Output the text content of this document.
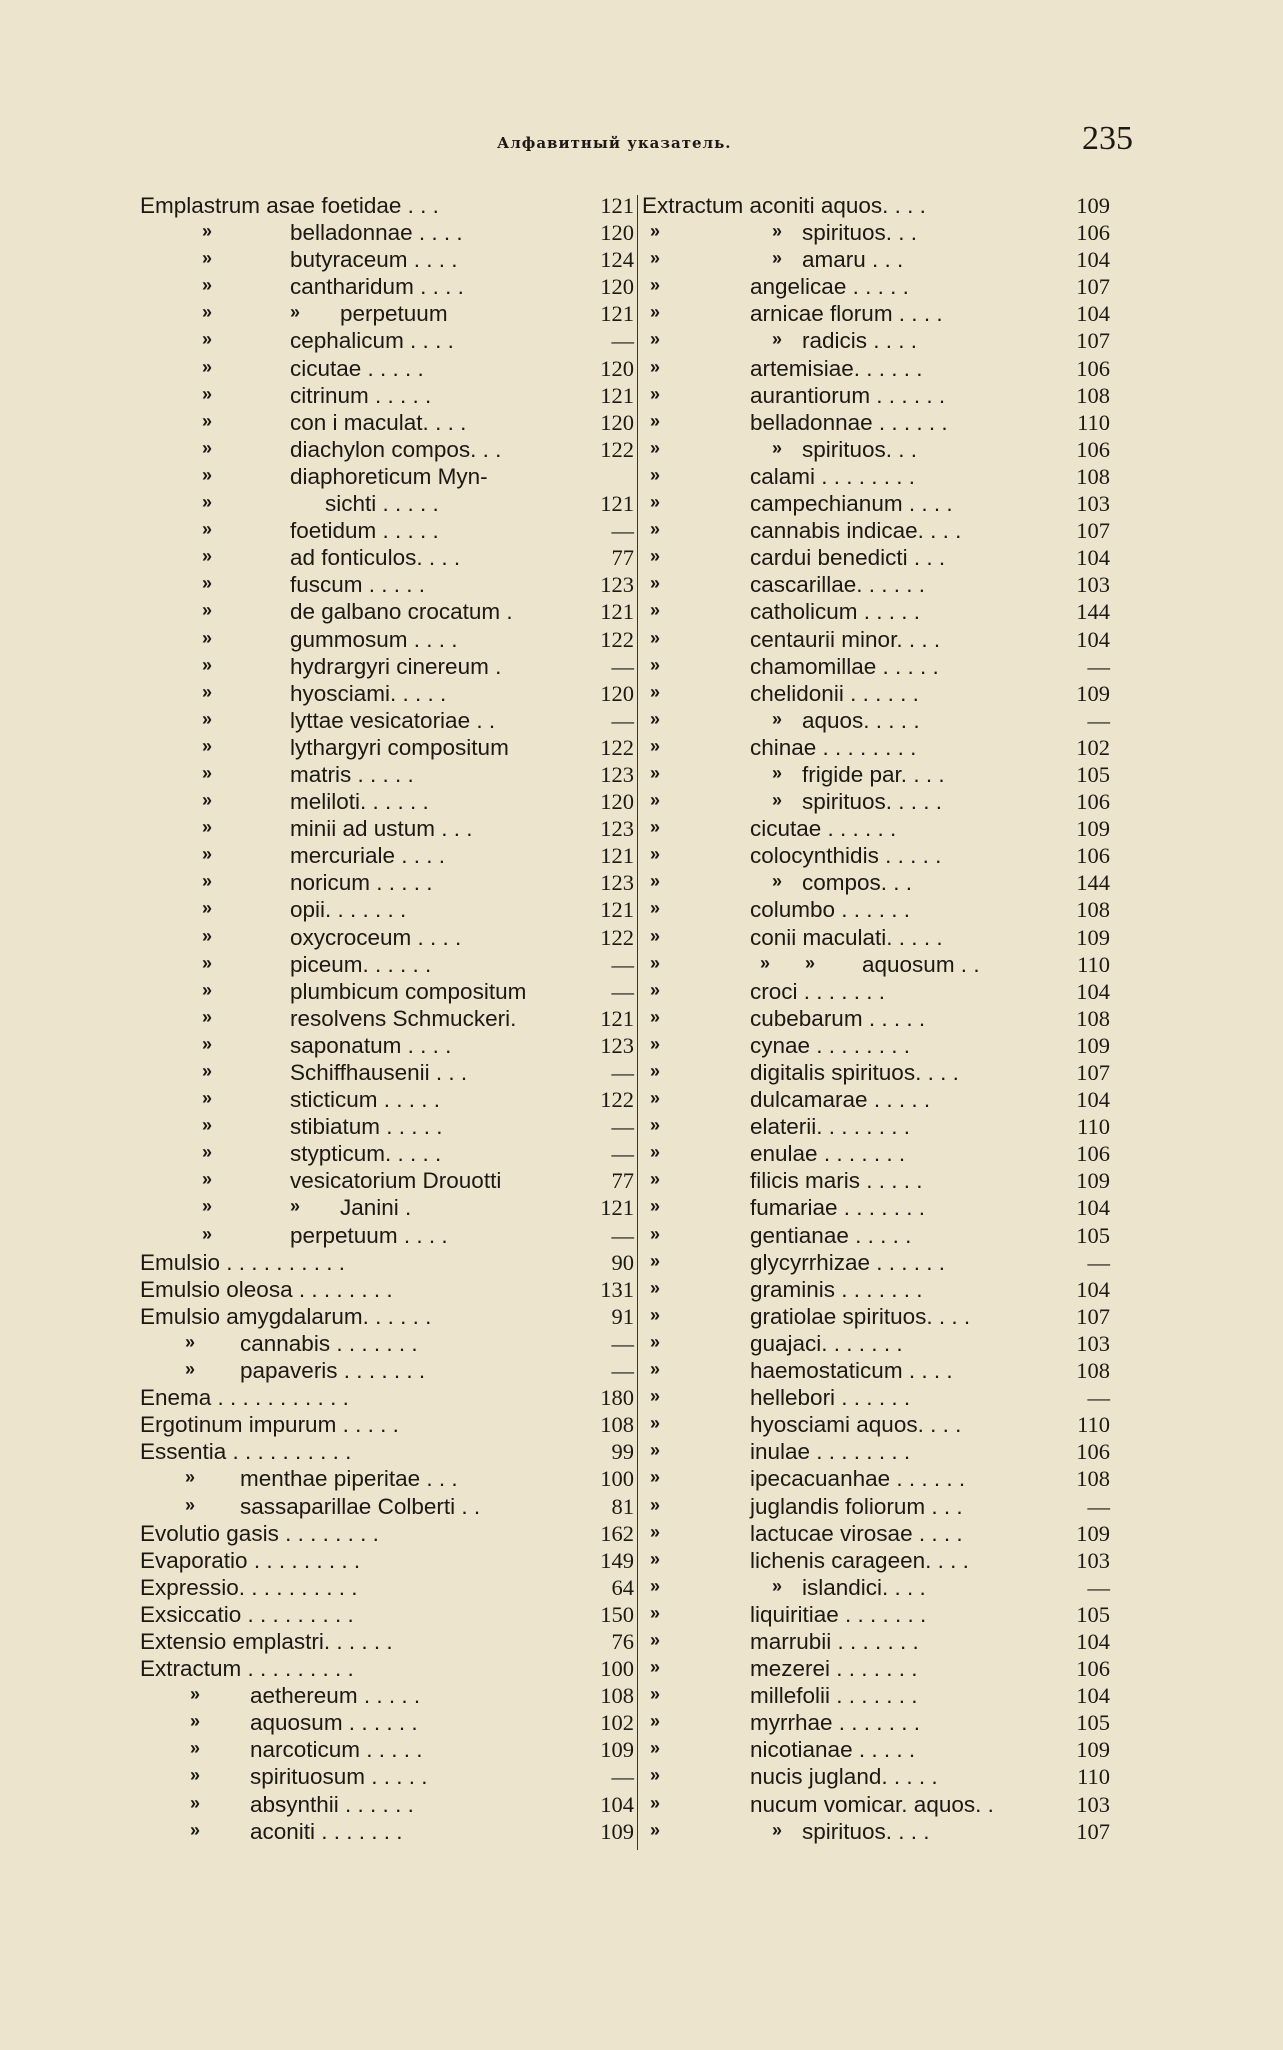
Алфавитный указатель.	235
Emplastrum asae foetidae . . .	121
»	belladonnae . . . .	120
»	butyraceum . . . .	124
»	cantharidum . . . .	120
»	» perpetuum	121
»	cephalicum . . . .	—
»	cicutae . . . . .	120
»	citrinum . . . . .	121
»	con i maculat. . . .	120
»	diachylon compos. . .	122
»	diaphoreticum Myn-
»	sichti . . . . .	121
»	foetidum . . . . .	—
»	ad fonticulos. . . .	77
»	fuscum . . . . .	123
»	de galbano crocatum .	121
»	gummosum . . . .	122
»	hydrargyri cinereum .	—
»	hyosciami. . . . .	120
»	lyttae vesicatoriae . .	—
»	lythargyri compositum	122
»	matris . . . . .	123
»	meliloti. . . . . .	120
»	minii ad ustum . . .	123
»	mercuriale . . . .	121
»	noricum . . . . .	123
»	opii. . . . . . .	121
»	oxycroceum . . . .	122
»	piceum. . . . . .	—
»	plumbicum compositum	—
»	resolvens Schmuckeri.	121
»	saponatum . . . .	123
»	Schiffhausenii . . .	—
»	sticticum . . . . .	122
»	stibiatum . . . . .	—
»	stypticum. . . . .	—
»	vesicatorium Drouotti	77
»	» Janini .	121
»	perpetuum . . . .	—
Emulsio . . . . . . . . . .	90
Emulsio oleosa . . . . . . . .	131
Emulsio amygdalarum. . . . . .	91
» cannabis . . . . . . .	—
» papaveris . . . . . . .	—
Enema . . . . . . . . . . .	180
Ergotinum impurum . . . . .	108
Essentia . . . . . . . . . .	99
» menthae piperitae . . .	100
» sassaparillae Colberti . .	81
Evolutio gasis . . . . . . . .	162
Evaporatio . . . . . . . . .	149
Expressio. . . . . . . . . .	64
Exsiccatio . . . . . . . . .	150
Extensio emplastri. . . . . .	76
Extractum . . . . . . . . .	100
» aethereum . . . . .	108
» aquosum . . . . . .	102
» narcoticum . . . . .	109
» spirituosum . . . . .	—
» absynthii . . . . . .	104
» aconiti . . . . . . .	109
Extractum aconiti aquos. . . .	109
»	» spirituos. . .	106
»	» amaru . . .	104
»	angelicae . . . . .	107
»	arnicae florum . . . .	104
»	» radicis . . . .	107
»	artemisiae. . . . . .	106
»	aurantiorum . . . . . .	108
»	belladonnae . . . . . .	110
»	» spirituos. . .	106
»	calami . . . . . . . .	108
»	campechianum . . . .	103
»	cannabis indicae. . . .	107
»	cardui benedicti . . .	104
»	cascarillae. . . . . .	103
»	catholicum . . . . .	144
»	centaurii minor. . . .	104
»	chamomillae . . . . .	—
»	chelidonii . . . . . .	109
»	» aquos. . . . .	—
»	chinae . . . . . . . .	102
»	» frigide par. . . .	105
»	» spirituos. . . . .	106
»	cicutae . . . . . .	109
»	colocynthidis . . . . .	106
»	» compos. . .	144
»	columbo . . . . . .	108
»	conii maculati. . . . .	109
»	» » aquosum . .	110
»	croci . . . . . . .	104
»	cubebarum . . . . .	108
»	cynae . . . . . . . .	109
»	digitalis spirituos. . . .	107
»	dulcamarae . . . . .	104
»	elaterii. . . . . . . .	110
»	enulae . . . . . . .	106
»	filicis maris . . . . .	109
»	fumariae . . . . . . .	104
»	gentianae . . . . .	105
»	glycyrrhizae . . . . . .	—
»	graminis . . . . . . .	104
»	gratiolae spirituos. . . .	107
»	guajaci. . . . . . .	103
»	haemostaticum . . . .	108
»	hellebori . . . . . .	—
»	hyosciami aquos. . . .	110
»	inulae . . . . . . . .	106
»	ipecacuanhae . . . . . .	108
»	juglandis foliorum . . .	—
»	lactucae virosae . . . .	109
»	lichenis carageen. . . .	103
»	» islandici. . . .	—
»	liquiritiae . . . . . . .	105
»	marrubii . . . . . . .	104
»	mezerei . . . . . . .	106
»	millefolii . . . . . . .	104
»	myrrhae . . . . . . .	105
»	nicotianae . . . . .	109
»	nucis jugland. . . . .	110
»	nucum vomicar. aquos. .	103
»	» spirituos. . . .	107
